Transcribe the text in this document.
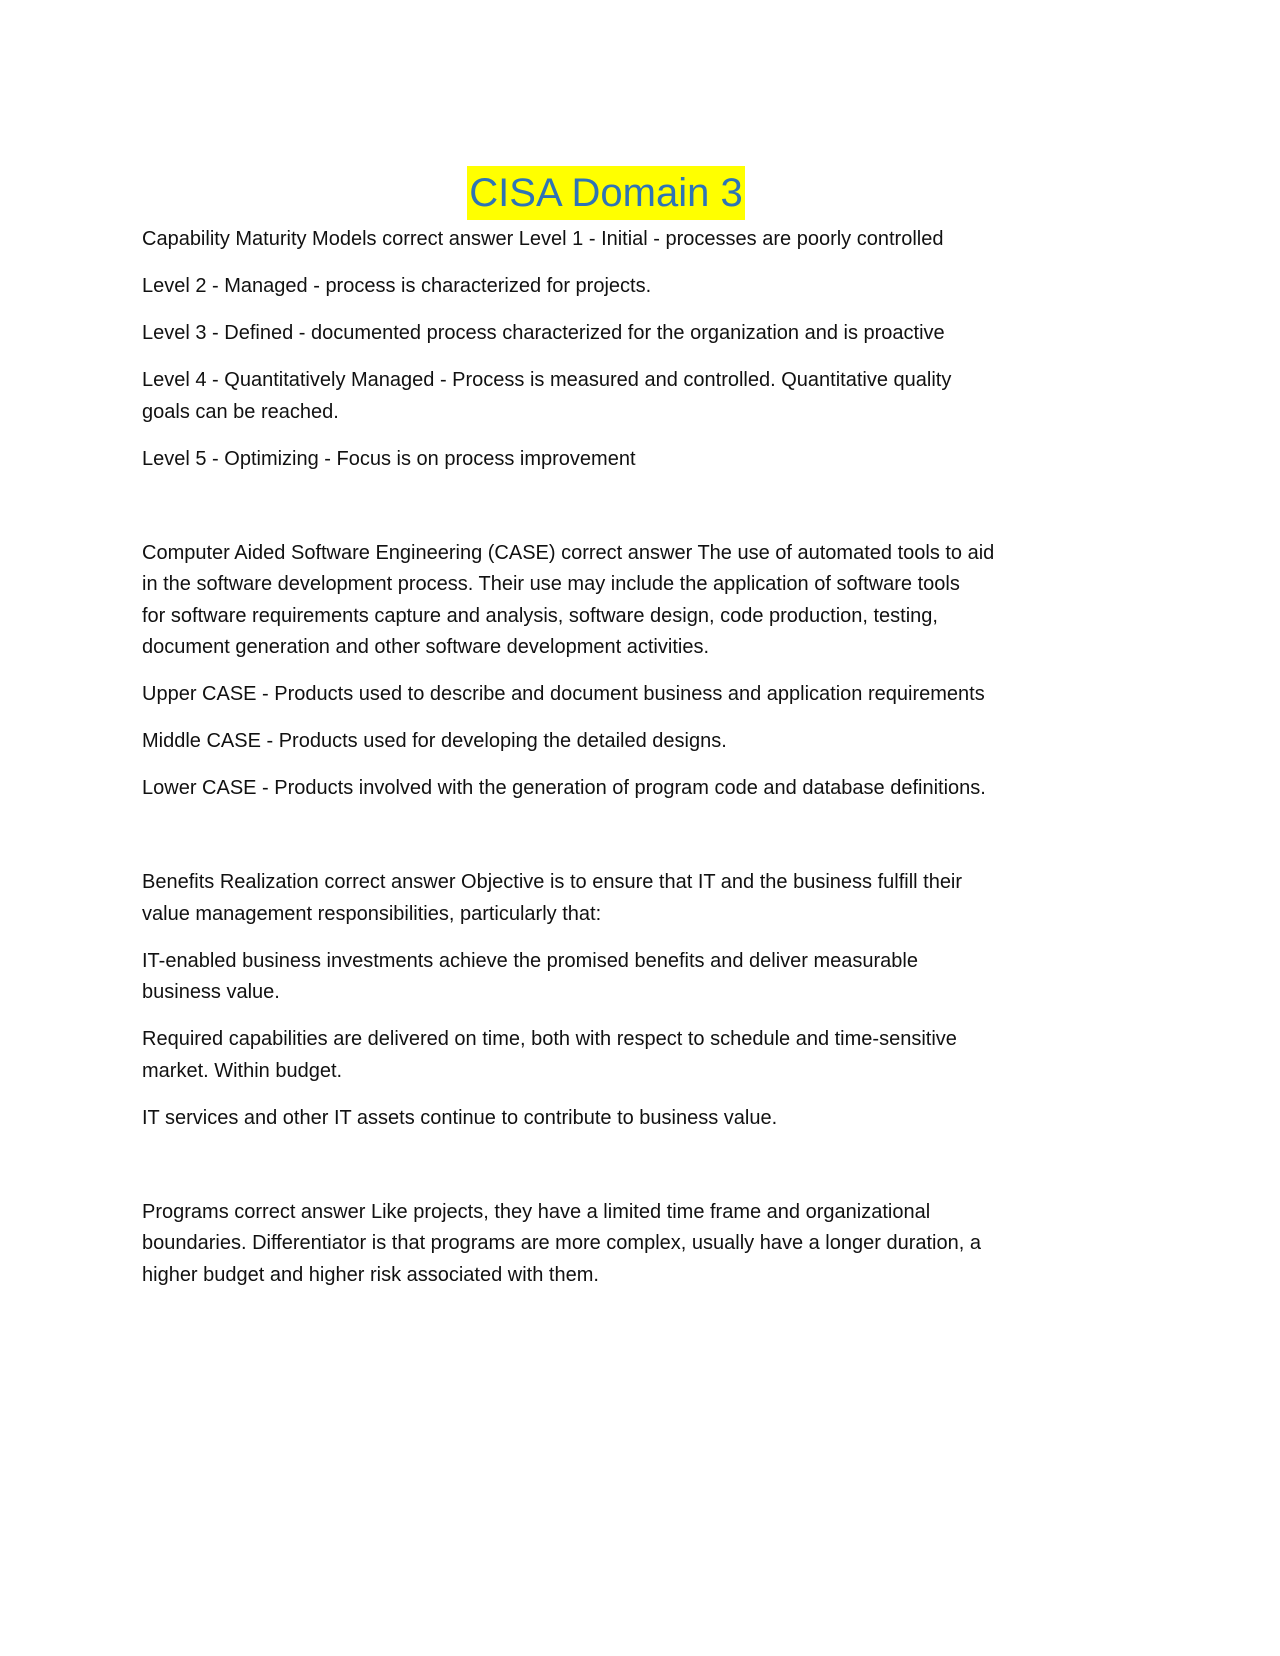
CISA Domain 3
Capability Maturity Models correct answer Level 1 - Initial - processes are poorly controlled
Level 2 - Managed - process is characterized for projects.
Level 3 - Defined - documented process characterized for the organization and is proactive
Level 4 - Quantitatively Managed - Process is measured and controlled. Quantitative quality
goals can be reached.
Level 5 - Optimizing - Focus is on process improvement
Computer Aided Software Engineering (CASE) correct answer The use of automated tools to aid
in the software development process. Their use may include the application of software tools
for software requirements capture and analysis, software design, code production, testing,
document generation and other software development activities.
Upper CASE - Products used to describe and document business and application requirements
Middle CASE - Products used for developing the detailed designs.
Lower CASE - Products involved with the generation of program code and database definitions.
Benefits Realization correct answer Objective is to ensure that IT and the business fulfill their
value management responsibilities, particularly that:
IT-enabled business investments achieve the promised benefits and deliver measurable
business value.
Required capabilities are delivered on time, both with respect to schedule and time-sensitive
market. Within budget.
IT services and other IT assets continue to contribute to business value.
Programs correct answer Like projects, they have a limited time frame and organizational
boundaries. Differentiator is that programs are more complex, usually have a longer duration, a
higher budget and higher risk associated with them.
